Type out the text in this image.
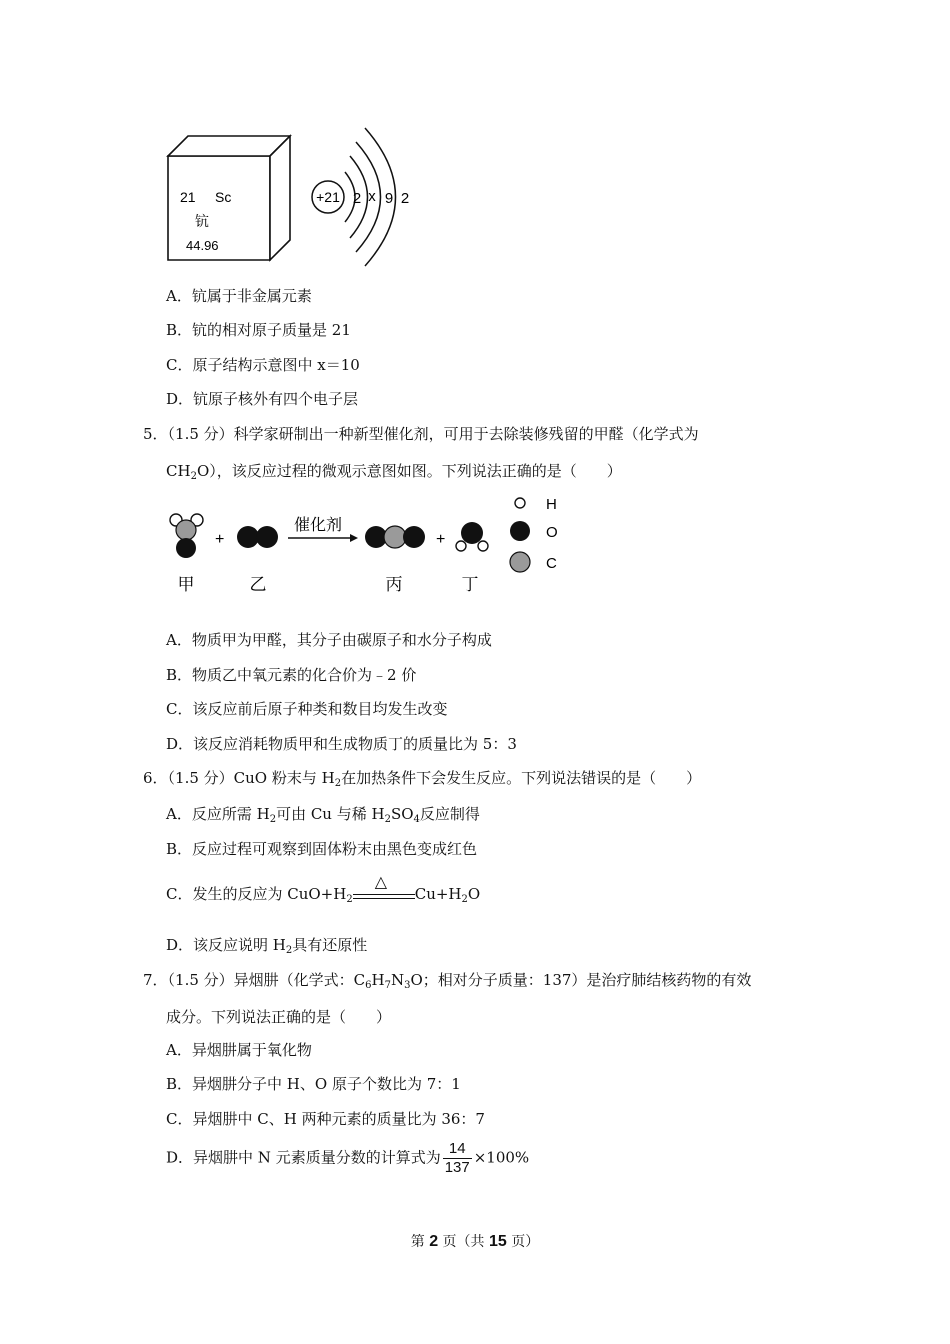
21 Sc
钪
44.96
+21 2 x 9 2
A．钪属于非金属元素
B．钪的相对原子质量是 21
C．原子结构示意图中 x＝10
D．钪原子核外有四个电子层
5．（1.5 分）科学家研制出一种新型催化剂，可用于去除装修残留的甲醛（化学式为
$CH_2O$），该反应过程的微观示意图如图。下列说法正确的是（　　）
+
催化剂
+
甲	乙	丙	丁
H
O
C
A．物质甲为甲醛，其分子由碳原子和水分子构成
B．物质乙中氧元素的化合价为﹣2 价
C．该反应前后原子种类和数目均发生改变
D．该反应消耗物质甲和生成物质丁的质量比为 5：3
6．（1.5 分）CuO 粉末与 $H_2$在加热条件下会发生反应。下列说法错误的是（　　）
A．反应所需 $H_2$可由 Cu 与稀 $H_2SO_4$反应制得
B．反应过程可观察到固体粉末由黑色变成红色
C．发生的反应为 $CuO+H_2$
△
$Cu+H_2O$
D．该反应说明 $H_2$具有还原性
7．（1.5 分）异烟肼（化学式：$C_6H_7N_3O$；相对分子质量：137）是治疗肺结核药物的有效
成分。下列说法正确的是（　　）
A．异烟肼属于氧化物
B．异烟肼分子中 H、O 原子个数比为 7：1
C．异烟肼中 C、H 两种元素的质量比为 36：7
D．异烟肼中 N 元素质量分数的计算式为 $\frac{14}{137} \times 100\%$
第 2 页（共 15 页）
